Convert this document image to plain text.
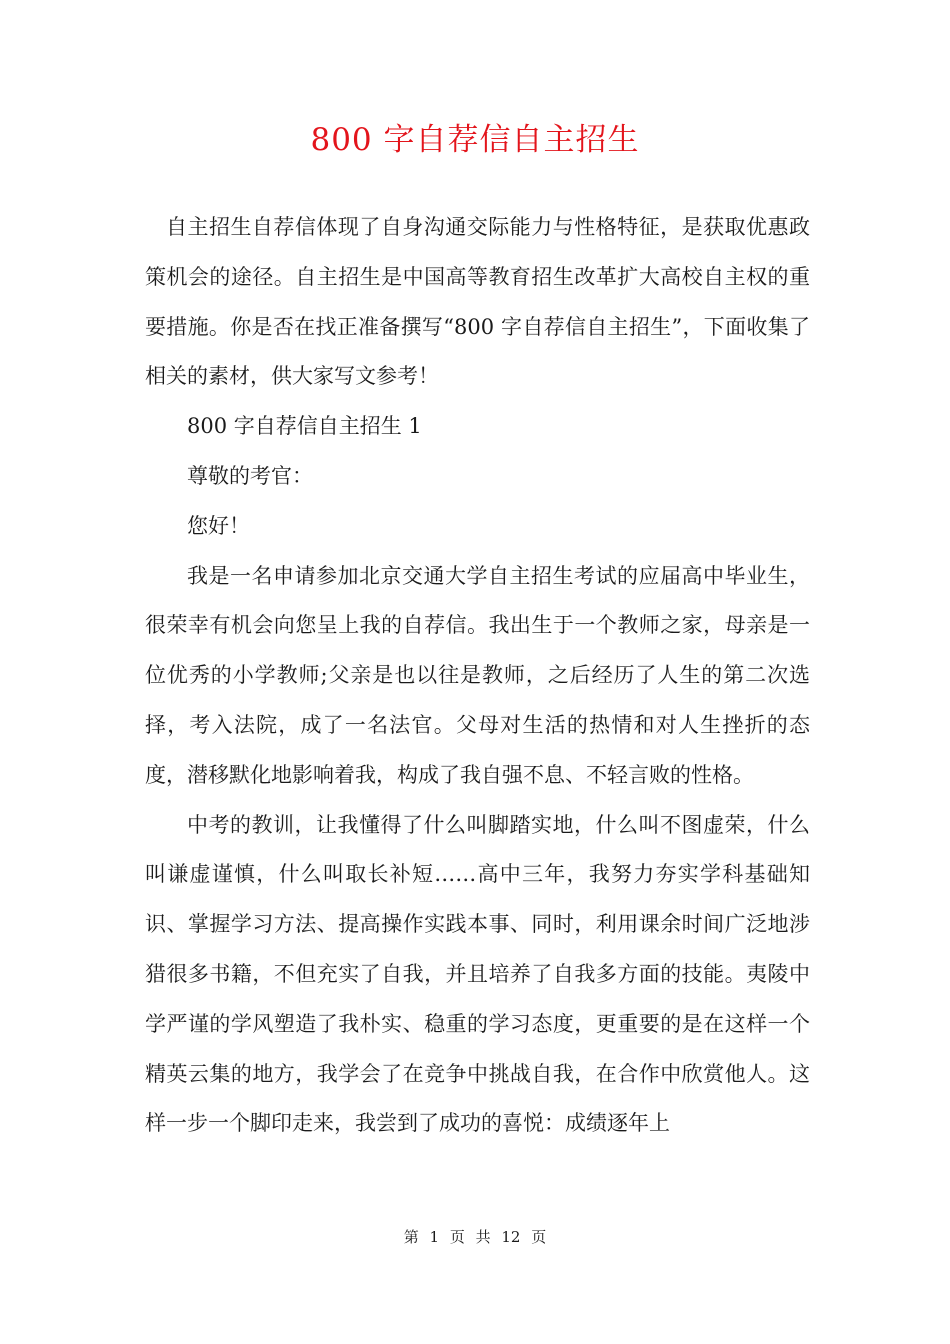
800 字自荐信自主招生

自主招生自荐信体现了自身沟通交际能力与性格特征，是获取优惠政策机会的途径。自主招生是中国高等教育招生改革扩大高校自主权的重要措施。你是否在找正准备撰写“800 字自荐信自主招生”，下面收集了相关的素材，供大家写文参考！

800 字自荐信自主招生 1

尊敬的考官：

您好！

我是一名申请参加北京交通大学自主招生考试的应届高中毕业生，很荣幸有机会向您呈上我的自荐信。我出生于一个教师之家，母亲是一位优秀的小学教师;父亲是也以往是教师，之后经历了人生的第二次选择，考入法院，成了一名法官。父母对生活的热情和对人生挫折的态度，潜移默化地影响着我，构成了我自强不息、不轻言败的性格。

中考的教训，让我懂得了什么叫脚踏实地，什么叫不图虚荣，什么叫谦虚谨慎，什么叫取长补短……高中三年，我努力夯实学科基础知识、掌握学习方法、提高操作实践本事、同时，利用课余时间广泛地涉猎很多书籍，不但充实了自我，并且培养了自我多方面的技能。夷陵中学严谨的学风塑造了我朴实、稳重的学习态度，更重要的是在这样一个精英云集的地方，我学会了在竞争中挑战自我，在合作中欣赏他人。这样一步一个脚印走来，我尝到了成功的喜悦：成绩逐年上

第 1 页 共 12 页
